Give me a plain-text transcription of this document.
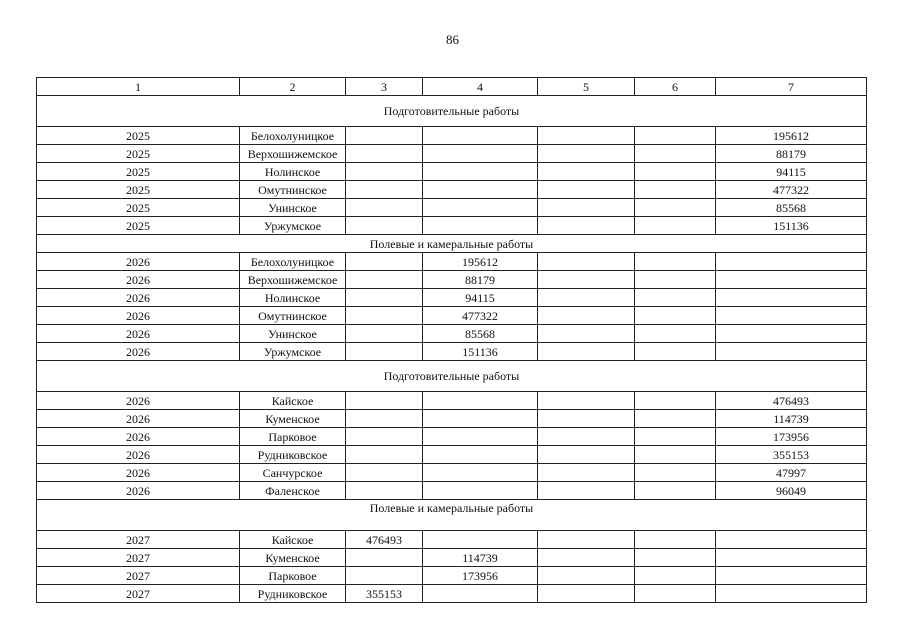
86
1	2	3	4	5	6	7
Подготовительные работы						
2025	Белохолуницкое					195612
2025	Верхошижемское					88179
2025	Нолинское					94115
2025	Омутнинское					477322
2025	Унинское					85568
2025	Уржумское					151136
Полевые и камеральные работы						
2026	Белохолуницкое		195612			
2026	Верхошижемское		88179			
2026	Нолинское		94115			
2026	Омутнинское		477322			
2026	Унинское		85568			
2026	Уржумское		151136			
Подготовительные работы						
2026	Кайское					476493
2026	Куменское					114739
2026	Парковое					173956
2026	Рудниковское					355153
2026	Санчурское					47997
2026	Фаленское					96049
Полевые и камеральные работы						
2027	Кайское	476493				
2027	Куменское		114739			
2027	Парковое		173956			
2027	Рудниковское	355153				
